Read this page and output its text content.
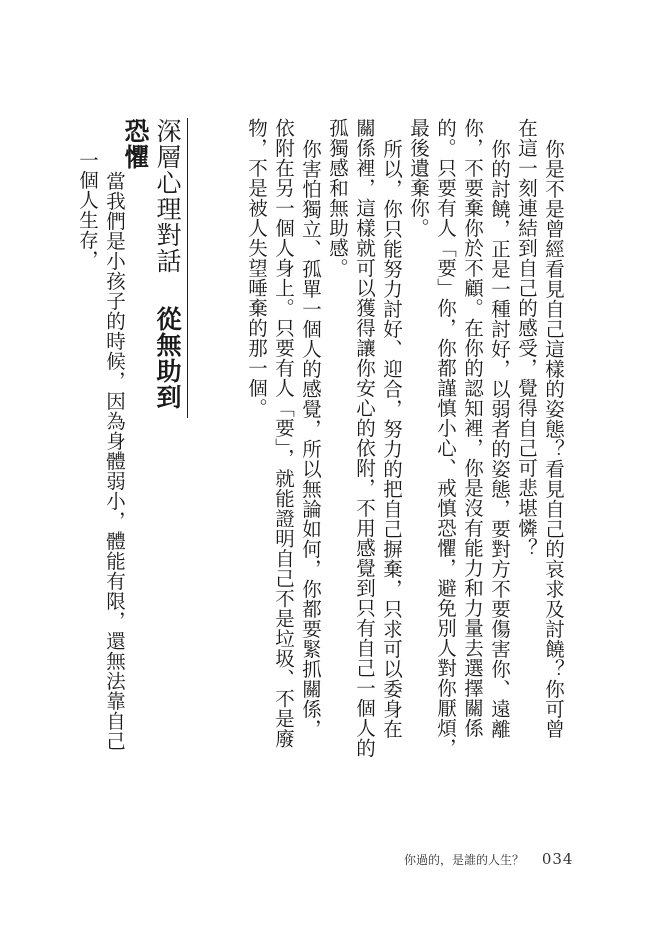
你是不是曾經看見自己這樣的姿態？看見自己的哀求及討饒？你可曾在這一刻連結到自己的感受，覺得自己可悲堪憐？

你的討饒，正是一種討好，以弱者的姿態，要對方不要傷害你、遠離你，不要棄你於不顧。在你的認知裡，你是沒有能力和力量去選擇關係的。只要有人「要」你，你都謹慎小心、戒慎恐懼，避免別人對你厭煩，最後遺棄你。

所以，你只能努力討好、迎合，努力的把自己摒棄，只求可以委身在關係裡，這樣就可以獲得讓你安心的依附，不用感覺到只有自己一個人的孤獨感和無助感。

你害怕獨立、孤單一個人的感覺，所以無論如何，你都要緊抓關係，依附在另一個人身上。只要有人「要」，就能證明自己不是垃圾、不是廢物，不是被人失望唾棄的那一個。

深層心理對話從無助到恐懼

當我們是小孩子的時候，因為身體弱小，體能有限，還無法靠自己一個人生存，

你過的，是誰的人生？ 034
